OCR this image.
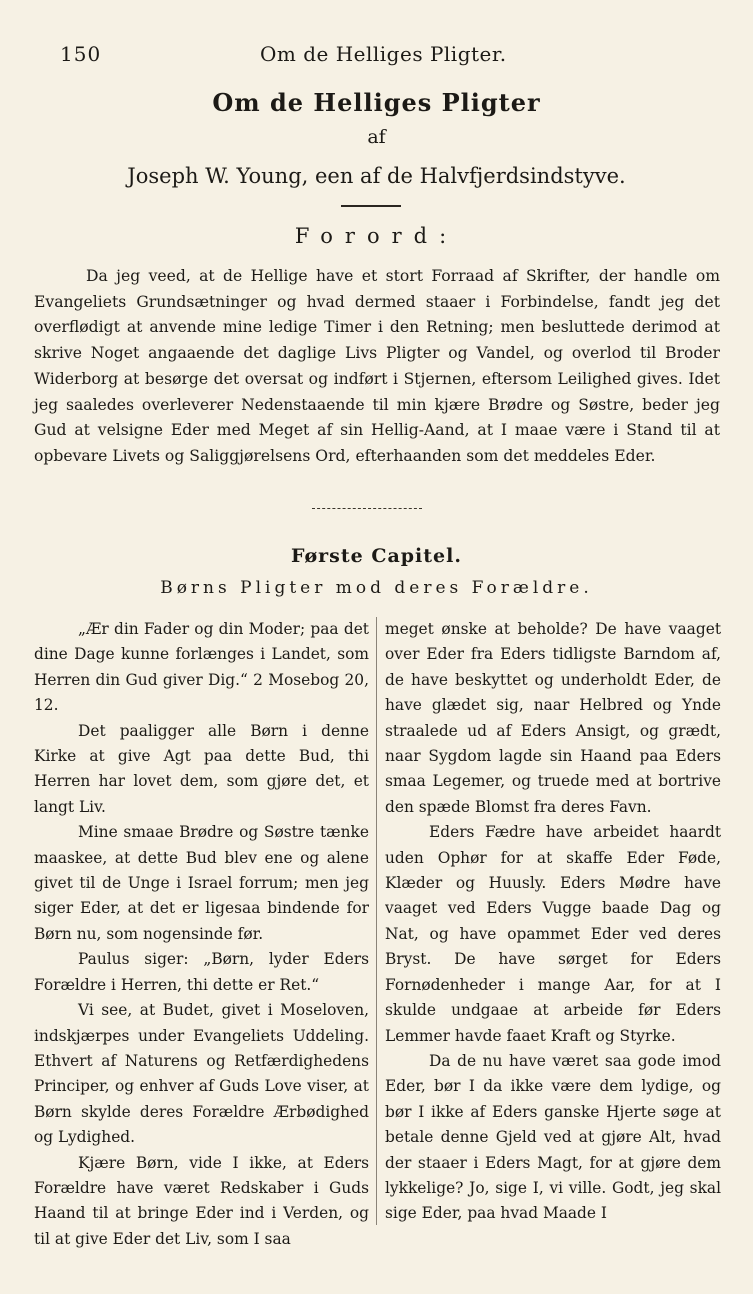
150	Om de Helliges Pligter.
Om de Helliges Pligter
af
Joseph W. Young, een af de Halvfjerdsindstyve.
Forord:

Da jeg veed, at de Hellige have et stort Forraad af Skrifter, der handle om Evangeliets Grundsætninger og hvad dermed staaer i Forbindelse, fandt jeg det overflødigt at anvende mine ledige Timer i den Retning; men besluttede derimod at skrive Noget angaaende det daglige Livs Pligter og Vandel, og overlod til Broder Widerborg at besørge det oversat og indført i Stjernen, eftersom Leilighed gives. Idet jeg saaledes overleverer Nedenstaaende til min kjære Brødre og Søstre, beder jeg Gud at velsigne Eder med Meget af sin Hellig-Aand, at I maae være i Stand til at opbevare Livets og Saliggjørelsens Ord, efterhaanden som det meddeles Eder.

Første Capitel.
Børns Pligter mod deres Forældre.

„Ær din Fader og din Moder; paa det dine Dage kunne forlænges i Landet, som Herren din Gud giver Dig.“ 2 Mosebog 20, 12.

Det paaligger alle Børn i denne Kirke at give Agt paa dette Bud, thi Herren har lovet dem, som gjøre det, et langt Liv.

Mine smaae Brødre og Søstre tænke maaskee, at dette Bud blev ene og alene givet til de Unge i Israel forrum; men jeg siger Eder, at det er ligesaa bindende for Børn nu, som nogensinde før.

Paulus siger: „Børn, lyder Eders Forældre i Herren, thi dette er Ret.“

Vi see, at Budet, givet i Moseloven, indskjærpes under Evangeliets Uddeling. Ethvert af Naturens og Retfærdighedens Principer, og enhver af Guds Love viser, at Børn skylde deres Forældre Ærbødighed og Lydighed.

Kjære Børn, vide I ikke, at Eders Forældre have været Redskaber i Guds Haand til at bringe Eder ind i Verden, og til at give Eder det Liv, som I saa

meget ønske at beholde? De have vaaget over Eder fra Eders tidligste Barndom af, de have beskyttet og underholdt Eder, de have glædet sig, naar Helbred og Ynde straalede ud af Eders Ansigt, og grædt, naar Sygdom lagde sin Haand paa Eders smaa Legemer, og truede med at bortrive den spæde Blomst fra deres Favn.

Eders Fædre have arbeidet haardt uden Ophør for at skaffe Eder Føde, Klæder og Huusly. Eders Mødre have vaaget ved Eders Vugge baade Dag og Nat, og have opammet Eder ved deres Bryst. De have sørget for Eders Fornødenheder i mange Aar, for at I skulde undgaae at arbeide før Eders Lemmer havde faaet Kraft og Styrke.

Da de nu have været saa gode imod Eder, bør I da ikke være dem lydige, og bør I ikke af Eders ganske Hjerte søge at betale denne Gjeld ved at gjøre Alt, hvad der staaer i Eders Magt, for at gjøre dem lykkelige? Jo, sige I, vi ville. Godt, jeg skal sige Eder, paa hvad Maade I
